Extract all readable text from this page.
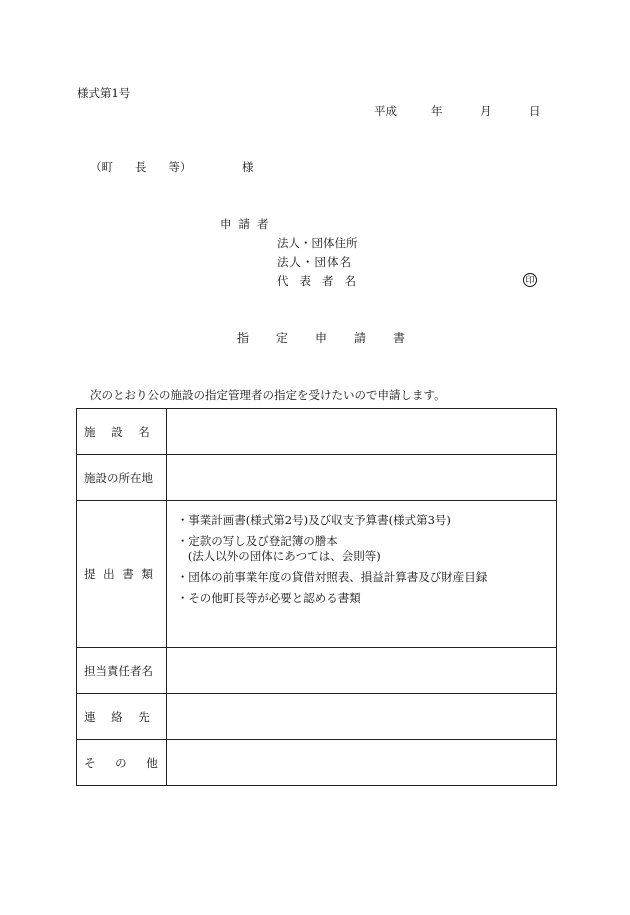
様式第1号
平成	年	月	日
（町 長 等）	様
申請者
法人・団体住所
法人・団体名
代表者名	印
指定申請書
次のとおり公の施設の指定管理者の指定を受けたいので申請します。
施 設 名	
施設の所在地	
提 出 書 類	・事業計画書(様式第2号)及び収支予算書(様式第3号)
・定款の写し及び登記簿の謄本
(法人以外の団体にあつては、会則等)
・団体の前事業年度の貸借対照表、損益計算書及び財産目録
・その他町長等が必要と認める書類

担当責任者名	
連 絡 先	
そ の 他	
